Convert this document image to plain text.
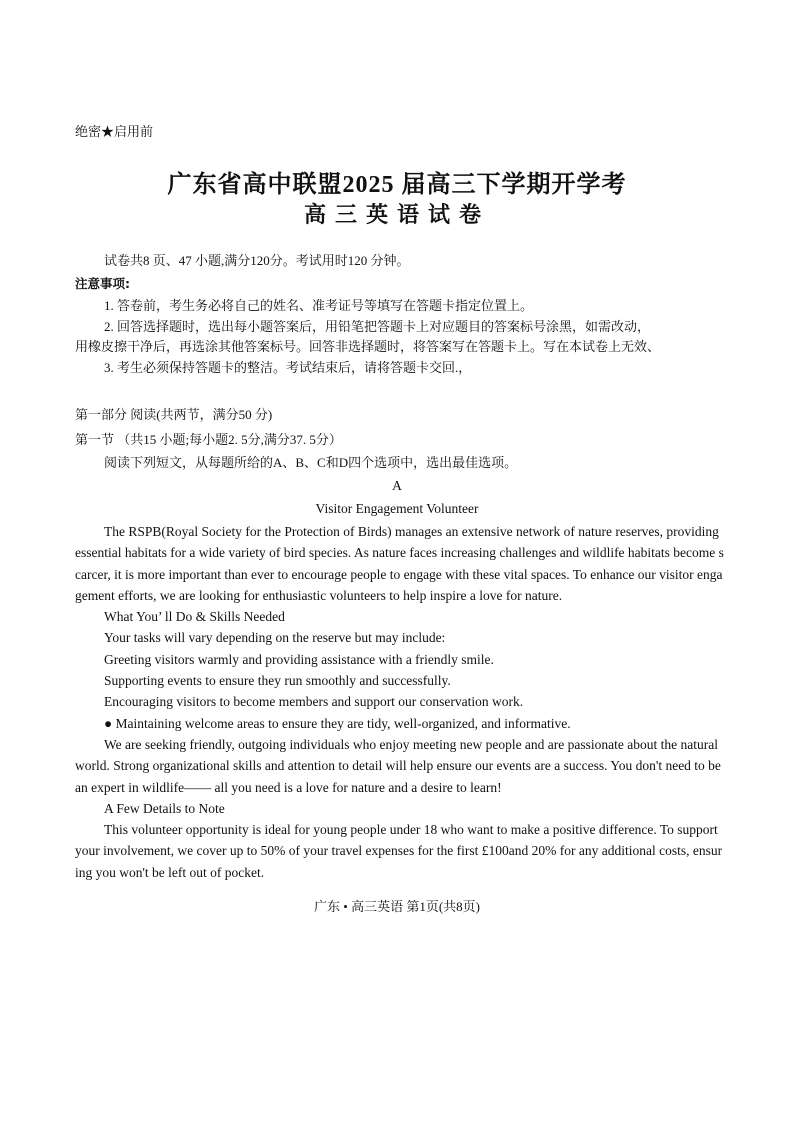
绝密★启用前
广东省高中联盟2025 届高三下学期开学考
高三英语试卷
试卷共8 页、47 小题,满分120分。考试用时120 分钟。
注意事项:

1. 答卷前，考生务必将自己的姓名、准考证号等填写在答题卡指定位置上。

2. 回答选择题时，选出每小题答案后，用铅笔把答题卡上对应题目的答案标号涂黑，如需改动，

用橡皮擦干净后，再选涂其他答案标号。回答非选择题时，将答案写在答题卡上。写在本试卷上无效、

3. 考生必须保持答题卡的整洁。考试结束后，请将答题卡交回.，

第一部分 阅读(共两节，满分50 分)
第一节 （共15 小题;每小题2. 5分,满分37. 5分）
阅读下列短文，从每题所给的A、B、C和D四个选项中，选出最佳选项。
A
Visitor Engagement Volunteer

The RSPB(Royal Society for the Protection of Birds) manages an extensive network of nature reserves, providing essential habitats for a wide variety of bird species. As nature faces increasing challenges and wildlife habitats become scarcer, it is more important than ever to encourage people to engage with these vital spaces. To enhance our visitor engagement efforts, we are looking for enthusiastic volunteers to help inspire a love for nature.

What You’ ll Do & Skills Needed

Your tasks will vary depending on the reserve but may include:

Greeting visitors warmly and providing assistance with a friendly smile.

Supporting events to ensure they run smoothly and successfully.

Encouraging visitors to become members and support our conservation work.

● Maintaining welcome areas to ensure they are tidy, well-organized, and informative.

We are seeking friendly, outgoing individuals who enjoy meeting new people and are passionate about the natural world. Strong organizational skills and attention to detail will help ensure our events are a success. You don't need to be an expert in wildlife—— all you need is a love for nature and a desire to learn!

A Few Details to Note

This volunteer opportunity is ideal for young people under 18 who want to make a positive difference. To support your involvement, we cover up to 50% of your travel expenses for the first £100and 20% for any additional costs, ensuring you won't be left out of pocket.

广东 • 高三英语 第1页(共8页)
